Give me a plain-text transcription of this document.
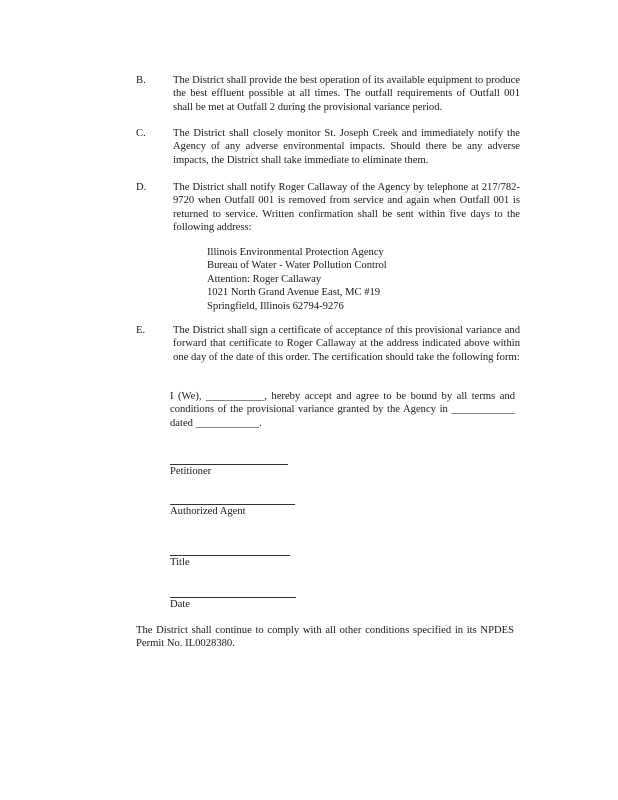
B.	The District shall provide the best operation of its available equipment to produce the best effluent possible at all times. The outfall requirements of Outfall 001 shall be met at Outfall 2 during the provisional variance period.
C.	The District shall closely monitor St. Joseph Creek and immediately notify the Agency of any adverse environmental impacts. Should there be any adverse impacts, the District shall take immediate to eliminate them.
D.	The District shall notify Roger Callaway of the Agency by telephone at 217/782-9720 when Outfall 001 is removed from service and again when Outfall 001 is returned to service. Written confirmation shall be sent within five days to the following address:
Illinois Environmental Protection Agency
Bureau of Water - Water Pollution Control
Attention: Roger Callaway
1021 North Grand Avenue East, MC #19
Springfield, Illinois 62794-9276
E.	The District shall sign a certificate of acceptance of this provisional variance and forward that certificate to Roger Callaway at the address indicated above within one day of the date of this order. The certification should take the following form:
I (We), ___________, hereby accept and agree to be bound by all terms and conditions of the provisional variance granted by the Agency in ____________ dated ____________.
Petitioner
Authorized Agent
Title
Date
The District shall continue to comply with all other conditions specified in its NPDES Permit No. IL0028380.
